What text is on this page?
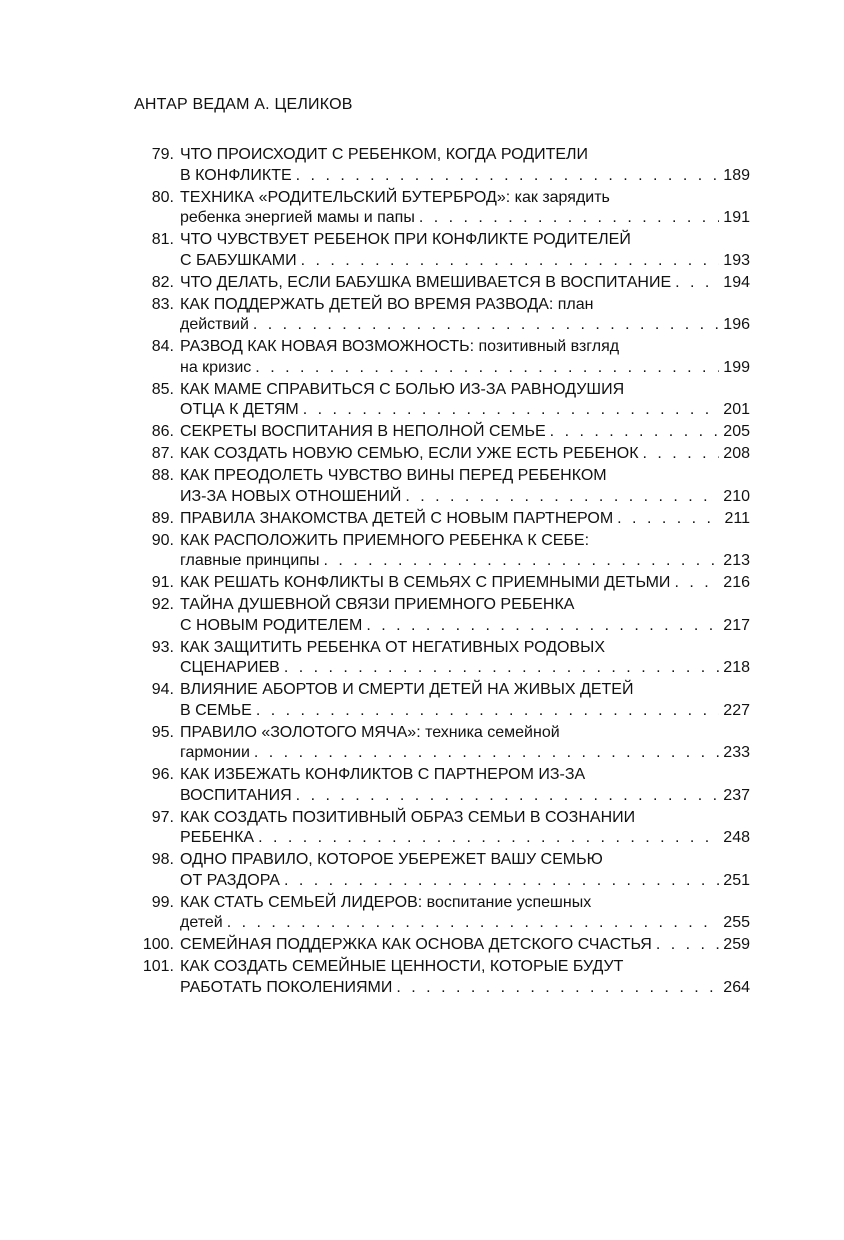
АНТАР ВЕДАМ А. ЦЕЛИКОВ
79. ЧТО ПРОИСХОДИТ С РЕБЕНКОМ, КОГДА РОДИТЕЛИ
В КОНФЛИКТЕ . . .	189
80. ТЕХНИКА «РОДИТЕЛЬСКИЙ БУТЕРБРОД»: как зарядить
ребенка энергией мамы и папы . . .	191
81. ЧТО ЧУВСТВУЕТ РЕБЕНОК ПРИ КОНФЛИКТЕ РОДИТЕЛЕЙ
С БАБУШКАМИ . . .	193
82. ЧТО ДЕЛАТЬ, ЕСЛИ БАБУШКА ВМЕШИВАЕТСЯ В ВОСПИТАНИЕ . . .	194
83. КАК ПОДДЕРЖАТЬ ДЕТЕЙ ВО ВРЕМЯ РАЗВОДА: план
действий . . .	196
84. РАЗВОД КАК НОВАЯ ВОЗМОЖНОСТЬ: позитивный взгляд
на кризис . . .	199
85. КАК МАМЕ СПРАВИТЬСЯ С БОЛЬЮ ИЗ-ЗА РАВНОДУШИЯ
ОТЦА К ДЕТЯМ . . .	201
86. СЕКРЕТЫ ВОСПИТАНИЯ В НЕПОЛНОЙ СЕМЬЕ . . .	205
87. КАК СОЗДАТЬ НОВУЮ СЕМЬЮ, ЕСЛИ УЖЕ ЕСТЬ РЕБЕНОК . . .	208
88. КАК ПРЕОДОЛЕТЬ ЧУВСТВО ВИНЫ ПЕРЕД РЕБЕНКОМ
ИЗ-ЗА НОВЫХ ОТНОШЕНИЙ . . .	210
89. ПРАВИЛА ЗНАКОМСТВА ДЕТЕЙ С НОВЫМ ПАРТНЕРОМ . . .	211
90. КАК РАСПОЛОЖИТЬ ПРИЕМНОГО РЕБЕНКА К СЕБЕ:
главные принципы . . .	213
91. КАК РЕШАТЬ КОНФЛИКТЫ В СЕМЬЯХ С ПРИЕМНЫМИ ДЕТЬМИ . . .	216
92. ТАЙНА ДУШЕВНОЙ СВЯЗИ ПРИЕМНОГО РЕБЕНКА
С НОВЫМ РОДИТЕЛЕМ . . .	217
93. КАК ЗАЩИТИТЬ РЕБЕНКА ОТ НЕГАТИВНЫХ РОДОВЫХ
СЦЕНАРИЕВ . . .	218
94. ВЛИЯНИЕ АБОРТОВ И СМЕРТИ ДЕТЕЙ НА ЖИВЫХ ДЕТЕЙ
В СЕМЬЕ . . .	227
95. ПРАВИЛО «ЗОЛОТОГО МЯЧА»: техника семейной
гармонии . . .	233
96. КАК ИЗБЕЖАТЬ КОНФЛИКТОВ С ПАРТНЕРОМ ИЗ-ЗА
ВОСПИТАНИЯ . . .	237
97. КАК СОЗДАТЬ ПОЗИТИВНЫЙ ОБРАЗ СЕМЬИ В СОЗНАНИИ
РЕБЕНКА . . .	248
98. ОДНО ПРАВИЛО, КОТОРОЕ УБЕРЕЖЕТ ВАШУ СЕМЬЮ
ОТ РАЗДОРА . . .	251
99. КАК СТАТЬ СЕМЬЕЙ ЛИДЕРОВ: воспитание успешных
детей . . .	255
100. СЕМЕЙНАЯ ПОДДЕРЖКА КАК ОСНОВА ДЕТСКОГО СЧАСТЬЯ . . .	259
101. КАК СОЗДАТЬ СЕМЕЙНЫЕ ЦЕННОСТИ, КОТОРЫЕ БУДУТ
РАБОТАТЬ ПОКОЛЕНИЯМИ . . .	264
